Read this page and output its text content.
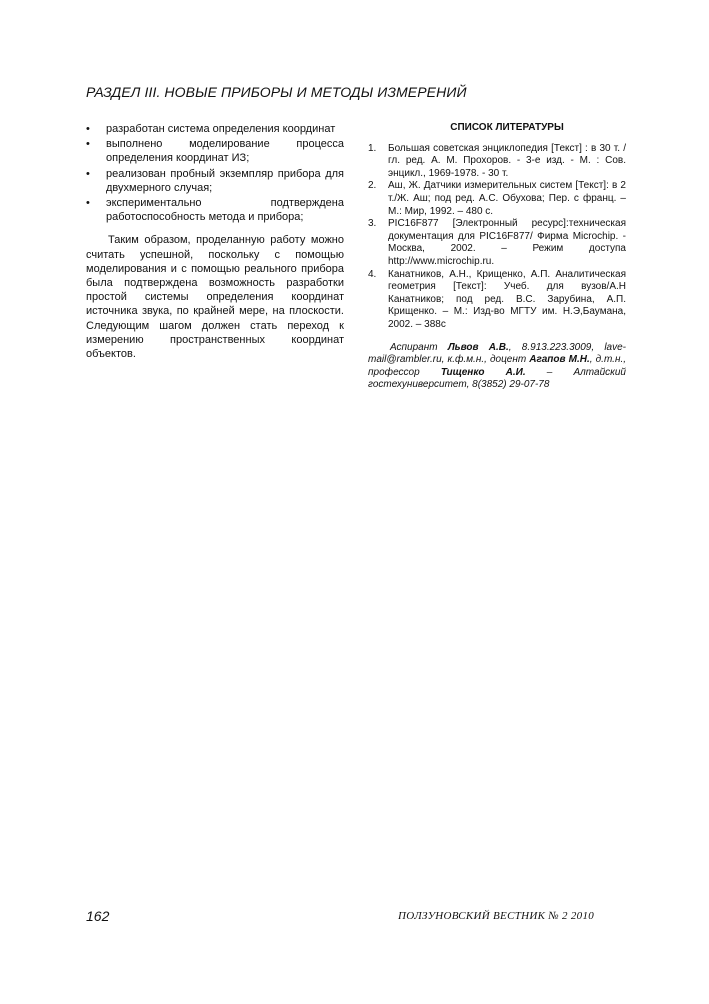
РАЗДЕЛ III. НОВЫЕ ПРИБОРЫ И МЕТОДЫ ИЗМЕРЕНИЙ
• разработан система определения координат
• выполнено моделирование процесса определения координат ИЗ;
• реализован пробный экземпляр прибора для двухмерного случая;
• экспериментально подтверждена работоспособность метода и прибора;

Таким образом, проделанную работу можно считать успешной, поскольку с помощью моделирования и с помощью реального прибора была подтверждена возможность разработки простой системы определения координат источника звука, по крайней мере, на плоскости. Следующим шагом должен стать переход к измерению пространственных координат объектов.

СПИСОК ЛИТЕРАТУРЫ
1. Большая советская энциклопедия [Текст] : в 30 т. / гл. ред. А. М. Прохоров. - 3-е изд. - М. : Сов. энцикл., 1969-1978. - 30 т.
2. Аш, Ж. Датчики измерительных систем [Текст]: в 2 т./Ж. Аш; под ред. А.С. Обухова; Пер. с франц. – М.: Мир, 1992. – 480 с.
3. PIC16F877 [Электронный ресурс]:техническая документация для PIC16F877/ Фирма Microchip. - Москва, 2002. – Режим доступа http://www.microchip.ru.
4. Канатников, А.Н., Крищенко, А.П. Аналитическая геометрия [Текст]: Учеб. для вузов/А.Н Канатников; под ред. В.С. Зарубина, А.П. Крищенко. – М.: Изд-во МГТУ им. Н.Э,Баумана, 2002. – 388с

Аспирант Львов А.В., 8.913.223.3009, lave-mail@rambler.ru, к.ф.м.н., доцент Агапов М.Н., д.т.н., профессор Тищенко А.И. – Алтайский гостехуниверситет, 8(3852) 29-07-78

162	ПОЛЗУНОВСКИЙ ВЕСТНИК № 2 2010
